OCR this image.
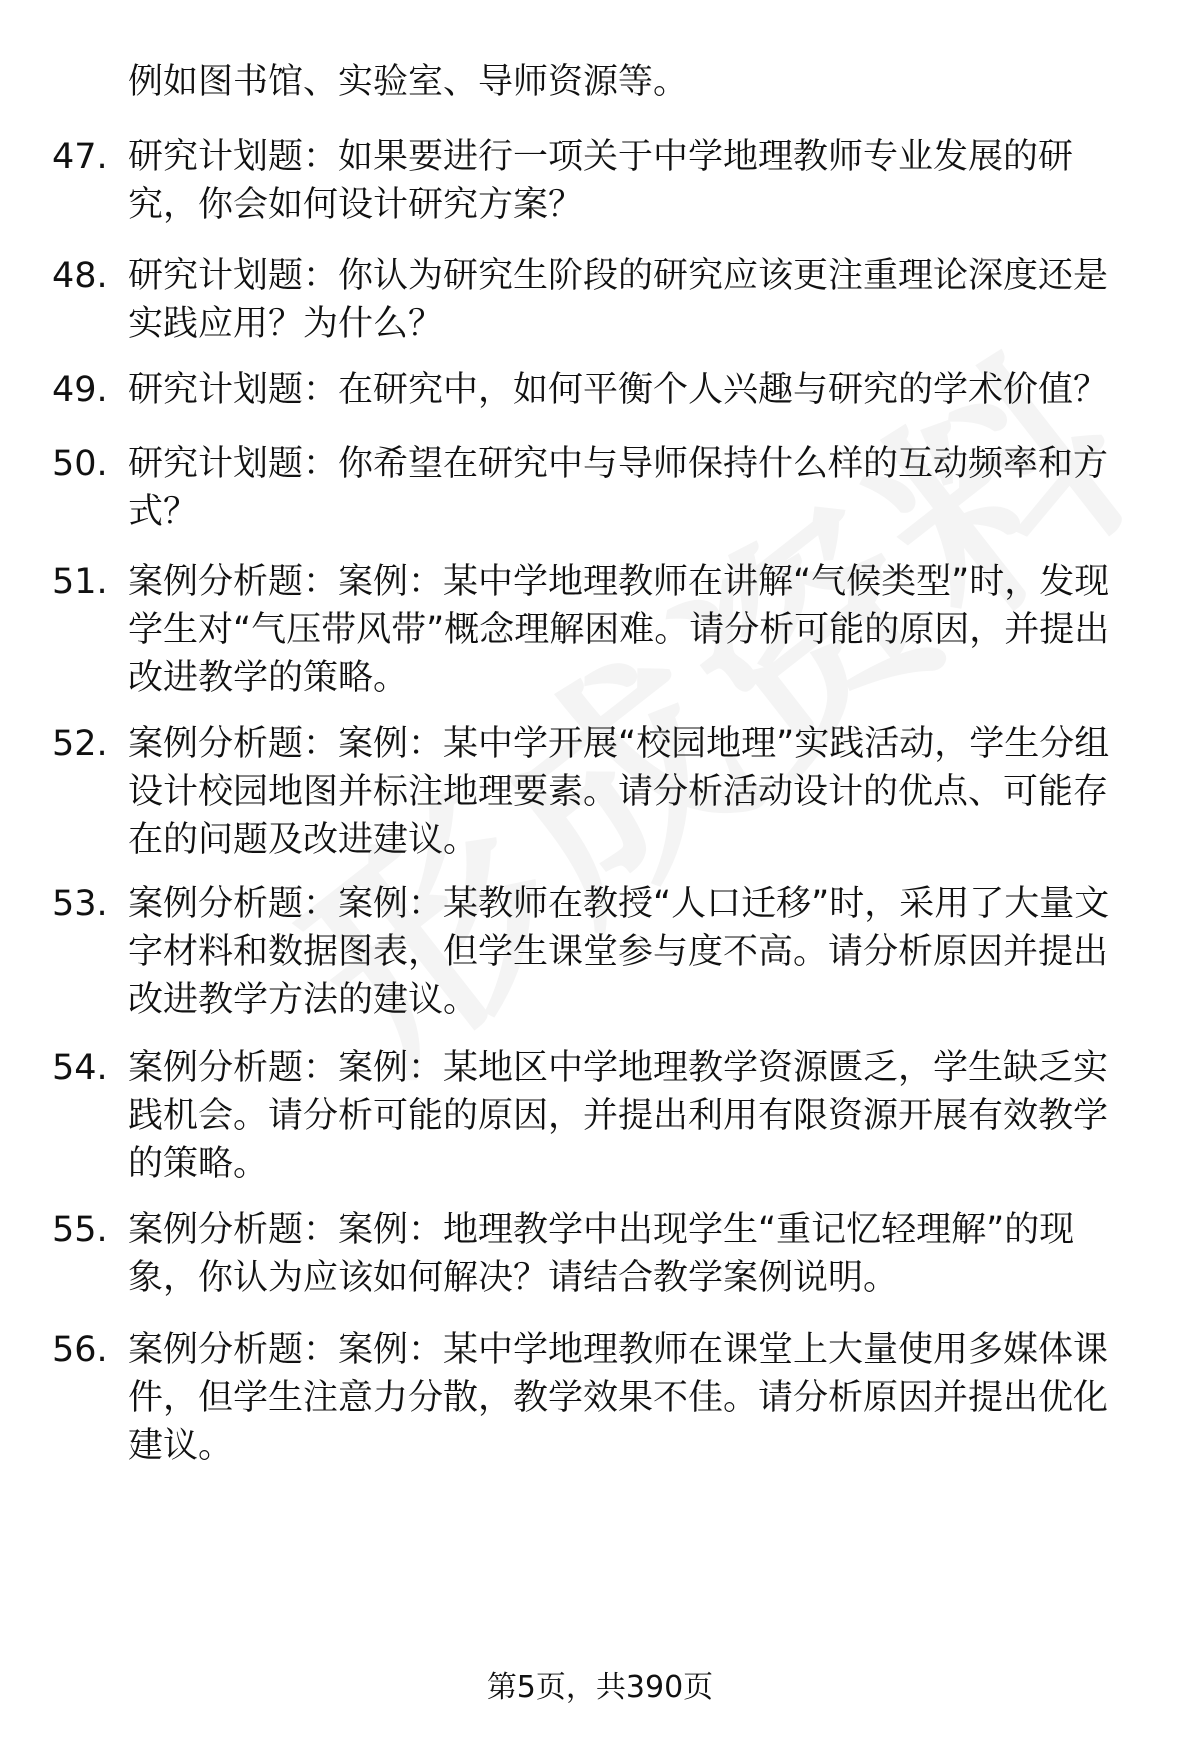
例如图书馆、实验室、导师资源等。
47. 研究计划题：如果要进行一项关于中学地理教师专业发展的研究，你会如何设计研究方案？
48. 研究计划题：你认为研究生阶段的研究应该更注重理论深度还是实践应用？为什么？
49. 研究计划题：在研究中，如何平衡个人兴趣与研究的学术价值？
50. 研究计划题：你希望在研究中与导师保持什么样的互动频率和方式？
51. 案例分析题：案例：某中学地理教师在讲解“气候类型”时，发现学生对“气压带风带”概念理解困难。请分析可能的原因，并提出改进教学的策略。
52. 案例分析题：案例：某中学开展“校园地理”实践活动，学生分组设计校园地图并标注地理要素。请分析活动设计的优点、可能存在的问题及改进建议。
53. 案例分析题：案例：某教师在教授“人口迁移”时，采用了大量文字材料和数据图表，但学生课堂参与度不高。请分析原因并提出改进教学方法的建议。
54. 案例分析题：案例：某地区中学地理教学资源匮乏，学生缺乏实践机会。请分析可能的原因，并提出利用有限资源开展有效教学的策略。
55. 案例分析题：案例：地理教学中出现学生“重记忆轻理解”的现象，你认为应该如何解决？请结合教学案例说明。
56. 案例分析题：案例：某中学地理教师在课堂上大量使用多媒体课件，但学生注意力分散，教学效果不佳。请分析原因并提出优化建议。
第5页，共390页
